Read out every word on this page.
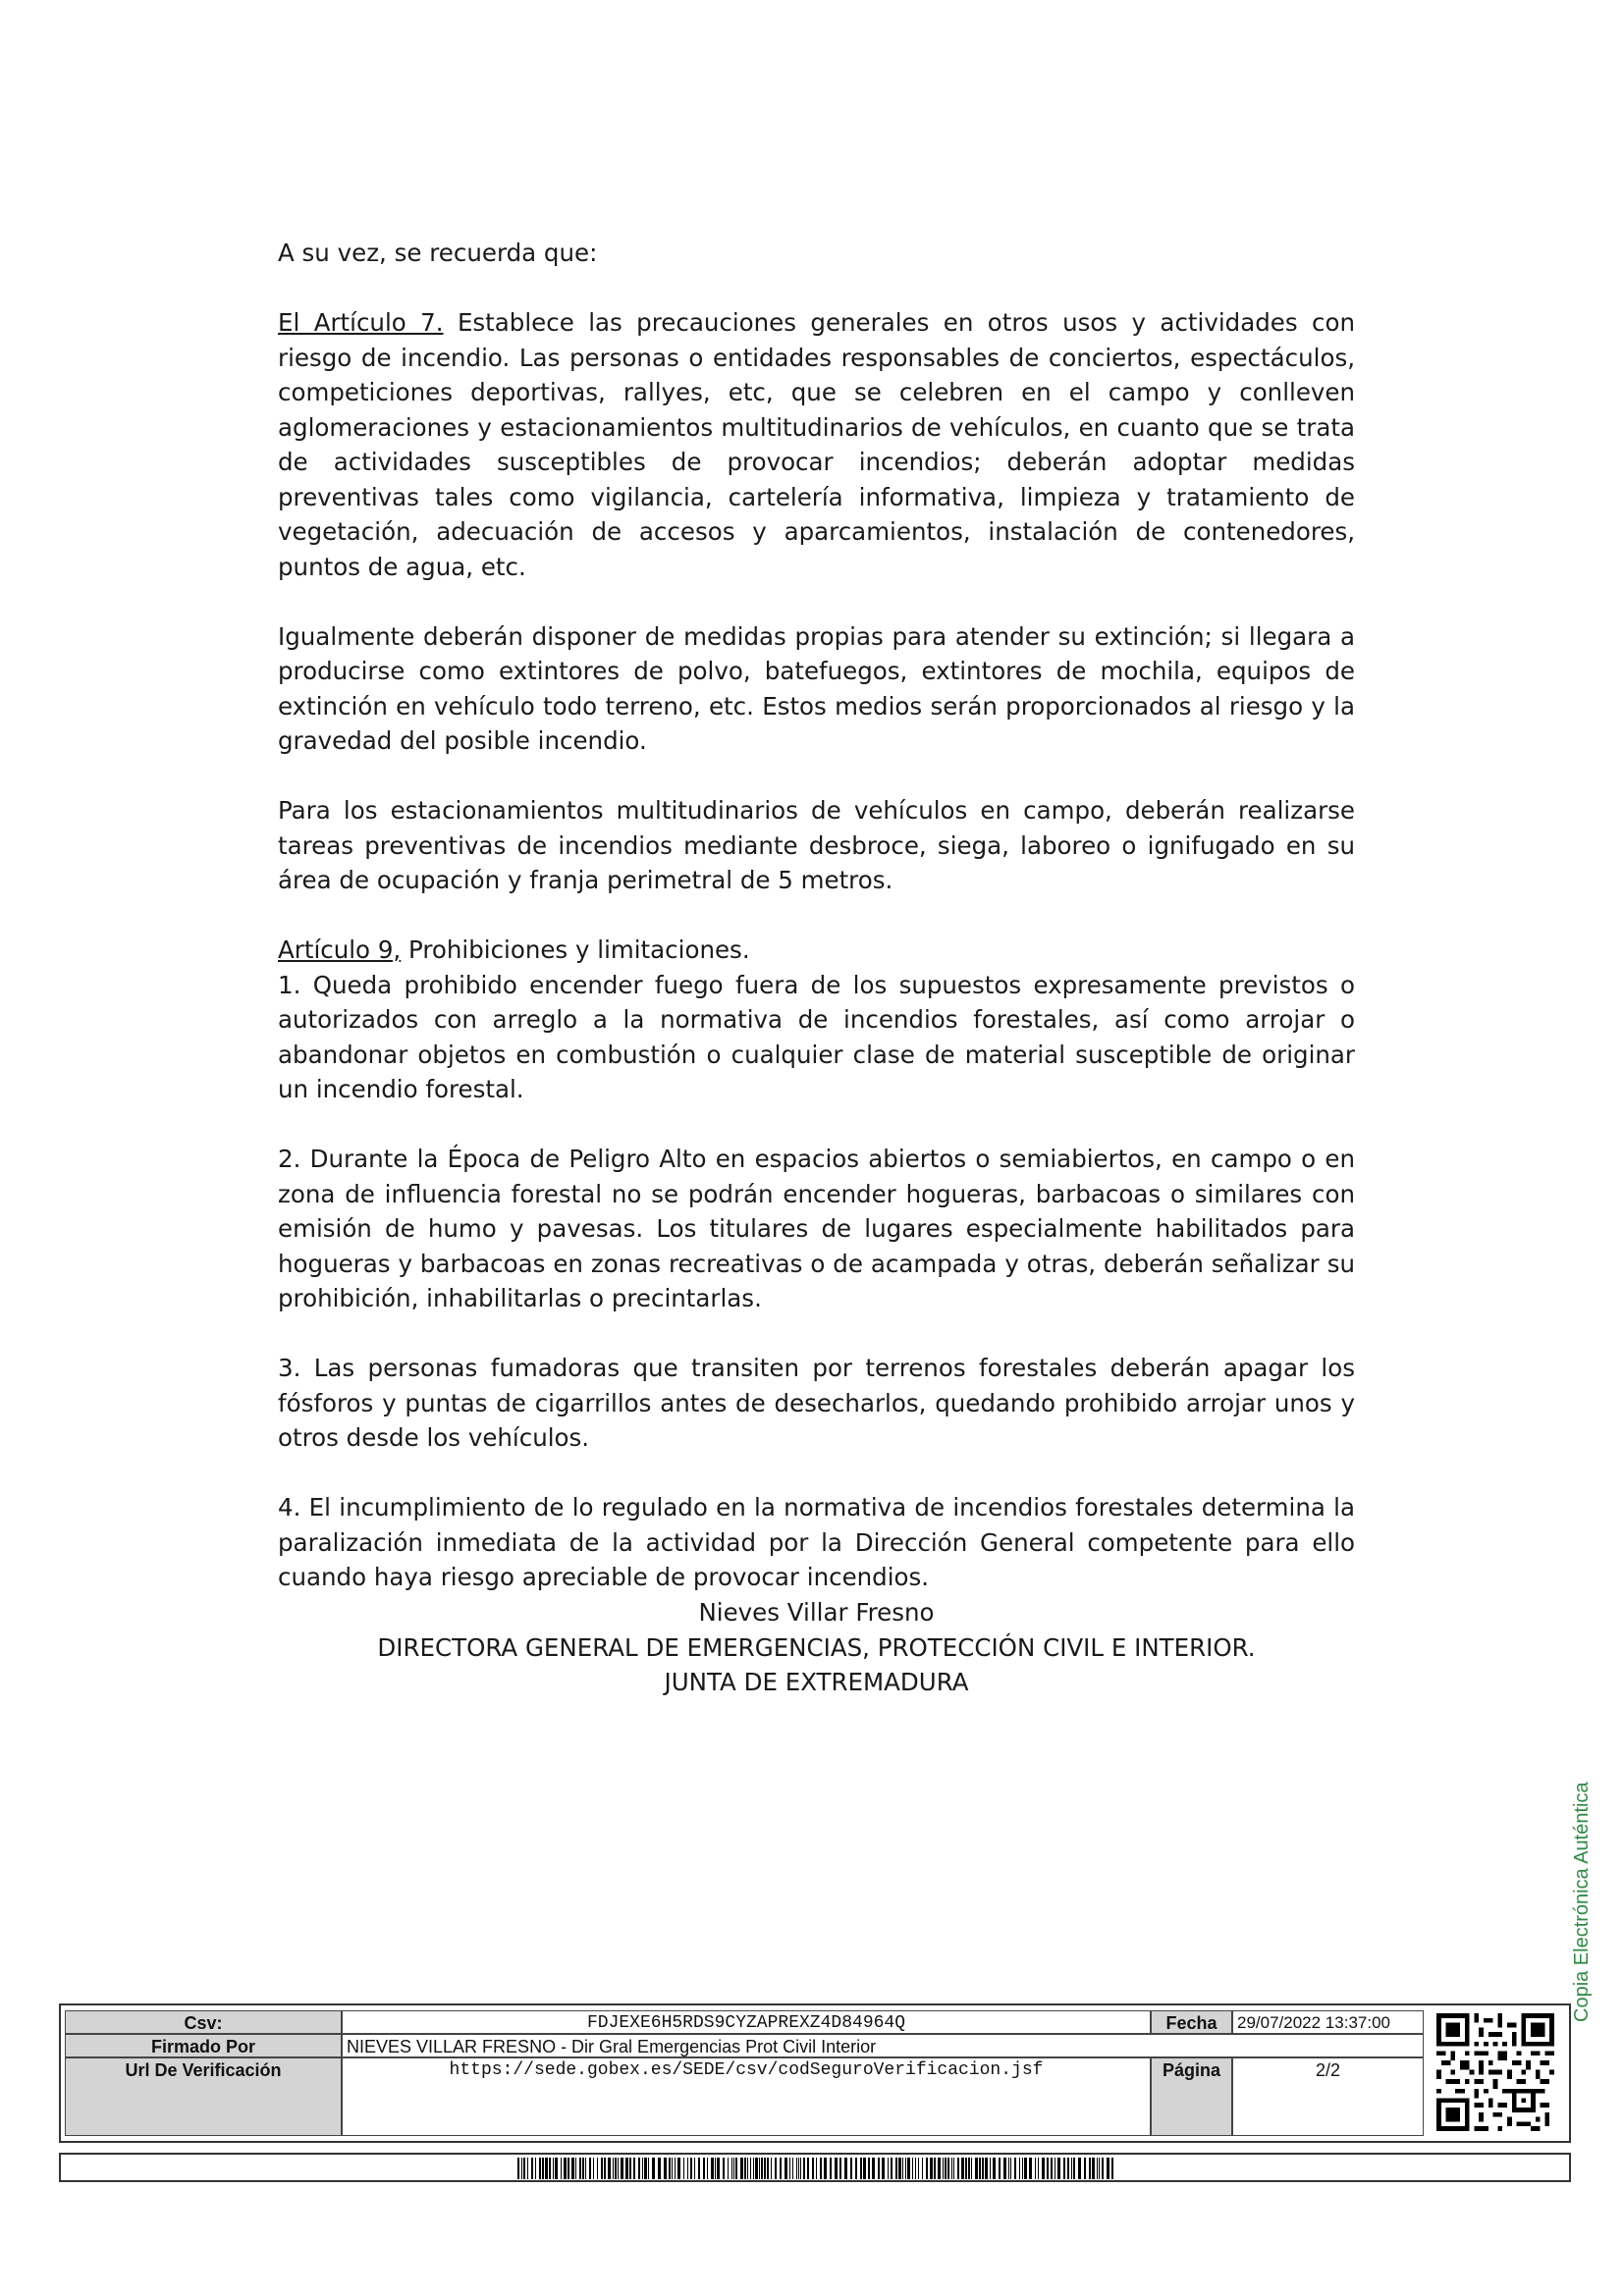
A su vez, se recuerda que:

El Artículo 7. Establece las precauciones generales en otros usos y actividades con riesgo de incendio. Las personas o entidades responsables de conciertos, espectáculos, competiciones deportivas, rallyes, etc, que se celebren en el campo y conlleven aglomeraciones y estacionamientos multitudinarios de vehículos, en cuanto que se trata de actividades susceptibles de provocar incendios; deberán adoptar medidas preventivas tales como vigilancia, cartelería informativa, limpieza y tratamiento de vegetación, adecuación de accesos y aparcamientos, instalación de contenedores, puntos de agua, etc.

Igualmente deberán disponer de medidas propias para atender su extinción; si llegara a producirse como extintores de polvo, batefuegos, extintores de mochila, equipos de extinción en vehículo todo terreno, etc. Estos medios serán proporcionados al riesgo y la gravedad del posible incendio.

Para los estacionamientos multitudinarios de vehículos en campo, deberán realizarse tareas preventivas de incendios mediante desbroce, siega, laboreo o ignifugado en su área de ocupación y franja perimetral de 5 metros.

Artículo 9, Prohibiciones y limitaciones.

1. Queda prohibido encender fuego fuera de los supuestos expresamente previstos o autorizados con arreglo a la normativa de incendios forestales, así como arrojar o abandonar objetos en combustión o cualquier clase de material susceptible de originar un incendio forestal.

2. Durante la Época de Peligro Alto en espacios abiertos o semiabiertos, en campo o en zona de influencia forestal no se podrán encender hogueras, barbacoas o similares con emisión de humo y pavesas. Los titulares de lugares especialmente habilitados para hogueras y barbacoas en zonas recreativas o de acampada y otras, deberán señalizar su prohibición, inhabilitarlas o precintarlas.

3. Las personas fumadoras que transiten por terrenos forestales deberán apagar los fósforos y puntas de cigarrillos antes de desecharlos, quedando prohibido arrojar unos y otros desde los vehículos.

4. El incumplimiento de lo regulado en la normativa de incendios forestales determina la paralización inmediata de la actividad por la Dirección General competente para ello cuando haya riesgo apreciable de provocar incendios.

Nieves Villar Fresno
DIRECTORA GENERAL DE EMERGENCIAS, PROTECCIÓN CIVIL E INTERIOR.
JUNTA DE EXTREMADURA
Copia Electrónica Auténtica
Csv:	FDJEXE6H5RDS9CYZAPREXZ4D84964Q	Fecha	29/07/2022 13:37:00
Firmado Por	NIEVES VILLAR FRESNO - Dir Gral Emergencias Prot Civil Interior
Url De Verificación	https://sede.gobex.es/SEDE/csv/codSeguroVerificacion.jsf	Página	2/2
